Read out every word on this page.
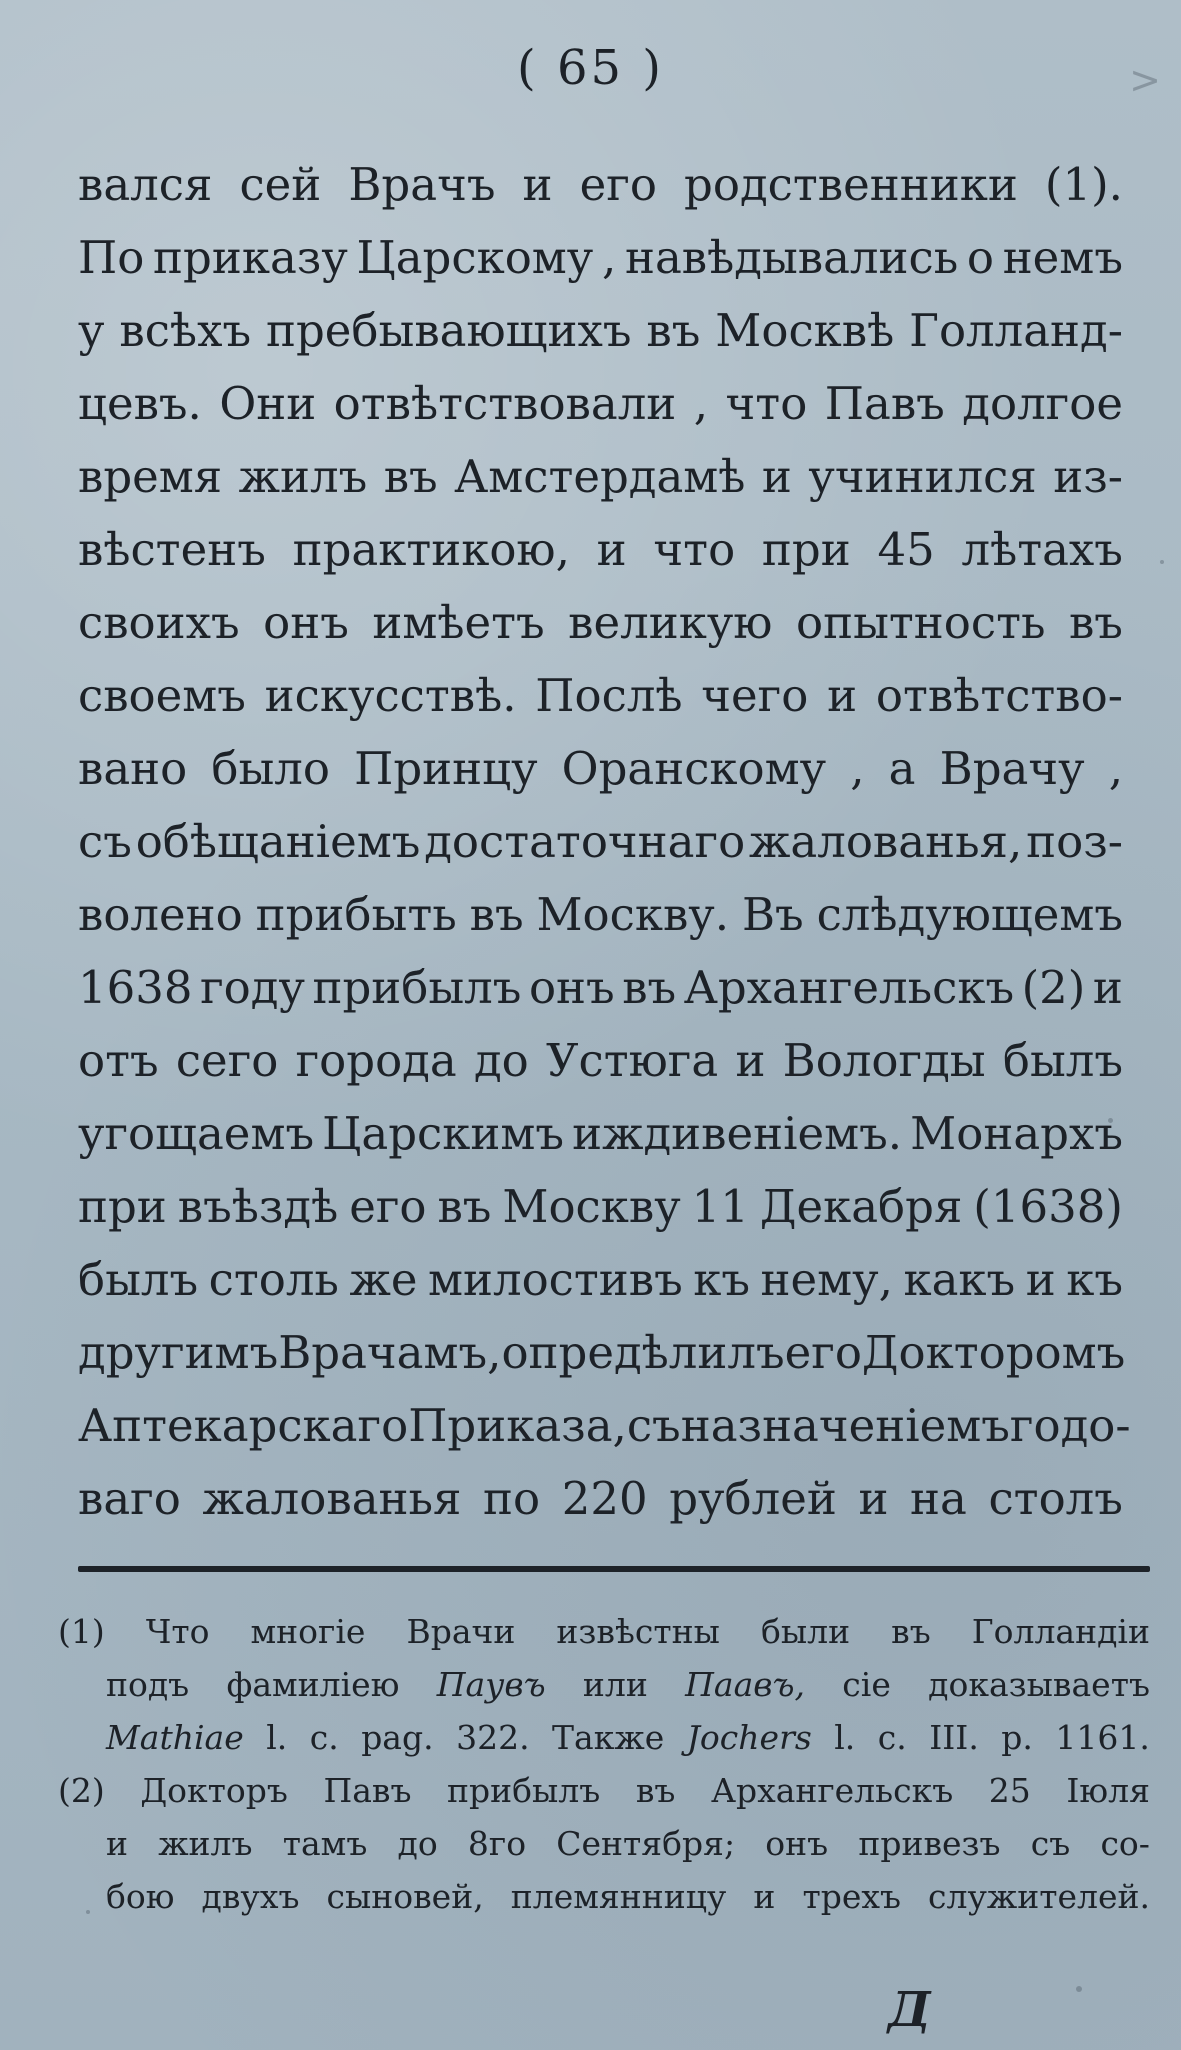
( 65 )	>
вался сей Врачъ и его родственники (1).
По приказу Царскому , навѣдывались о немъ
у всѣхъ пребывающихъ въ Москвѣ Голланд-
цевъ. Они отвѣтствовали , что Павъ долгое
время жилъ въ Амстердамѣ и учинился из-
вѣстенъ практикою, и что при 45 лѣтахъ
своихъ онъ имѣетъ великую опытность въ
своемъ искусствѣ. Послѣ чего и отвѣтство-
вано было Принцу Оранскому , а Врачу ,
съ обѣщаніемъ достаточнаго жалованья, поз-
волено прибыть въ Москву. Въ слѣдующемъ
1638 году прибылъ онъ въ Архангельскъ (2) и
отъ сего города до Устюга и Вологды былъ
угощаемъ Царскимъ иждивеніемъ. Монархъ
при въѣздѣ его въ Москву 11 Декабря (1638)
былъ столь же милостивъ къ нему, какъ и къ
другимъ Врачамъ, опредѣлилъ его Докторомъ
Аптекарскаго Приказа, съ назначеніемъ годо-
ваго жалованья по 220 рублей и на столъ
(1) Что многіе Врачи извѣстны были въ Голландіи
подъ фамиліею Паувъ или Паавъ, сіе доказываетъ
Mathiae l. c. pag. 322. Также Jochers l. c. III. p. 1161.
(2) Докторъ Павъ прибылъ въ Архангельскъ 25 Іюля
и жилъ тамъ до 8го Сентября; онъ привезъ съ со-
бою двухъ сыновей, племянницу и трехъ служителей.
Д
